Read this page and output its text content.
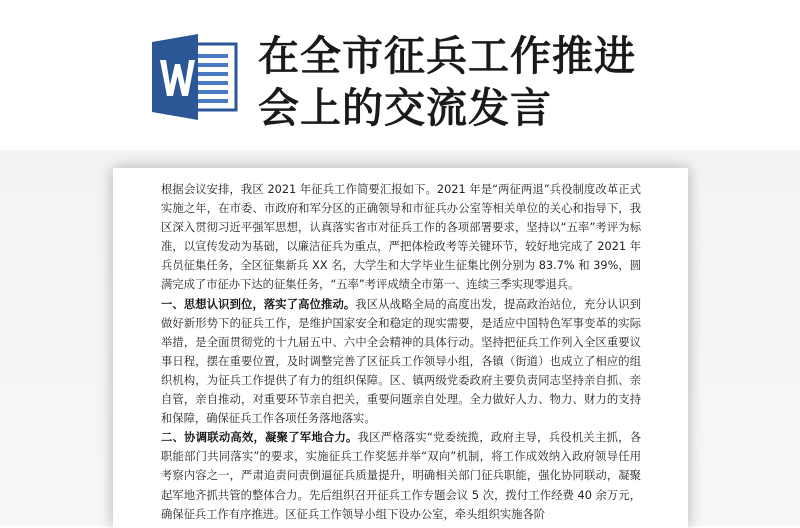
在全市征兵工作推进
会上的交流发言

根据会议安排，我区 2021 年征兵工作简要汇报如下。2021 年是“两征两退”兵役制度改革正式实施之年，在市委、市政府和军分区的正确领导和市征兵办公室等相关单位的关心和指导下，我区深入贯彻习近平强军思想，认真落实省市对征兵工作的各项部署要求，坚持以“五率”考评为标准，以宣传发动为基础，以廉洁征兵为重点，严把体检政考等关键环节，较好地完成了 2021 年兵员征集任务，全区征集新兵 XX 名，大学生和大学毕业生征集比例分别为 83.7% 和 39%，圆满完成了市征办下达的征集任务，“五率”考评成绩全市第一、连续三季实现零退兵。

一、思想认识到位，落实了高位推动。我区从战略全局的高度出发，提高政治站位，充分认识到做好新形势下的征兵工作，是维护国家安全和稳定的现实需要，是适应中国特色军事变革的实际举措，是全面贯彻党的十九届五中、六中全会精神的具体行动。坚持把征兵工作列入全区重要议事日程，摆在重要位置，及时调整完善了区征兵工作领导小组，各镇（街道）也成立了相应的组织机构，为征兵工作提供了有力的组织保障。区、镇两级党委政府主要负责同志坚持亲自抓、亲自管，亲自推动，对重要环节亲自把关，重要问题亲自处理。全力做好人力、物力、财力的支持和保障，确保征兵工作各项任务落地落实。

二、协调联动高效，凝聚了军地合力。我区严格落实“党委统揽，政府主导，兵役机关主抓，各职能部门共同落实”的要求，实施征兵工作奖惩并举“双向”机制，将工作成效纳入政府领导任用考察内容之一，严肃追责问责倒逼征兵质量提升，明确相关部门征兵职能，强化协同联动，凝聚起军地齐抓共管的整体合力。先后组织召开征兵工作专题会议 5 次，拨付工作经费 40 余万元，确保征兵工作有序推进。区征兵工作领导小组下设办公室，牵头组织实施各阶
